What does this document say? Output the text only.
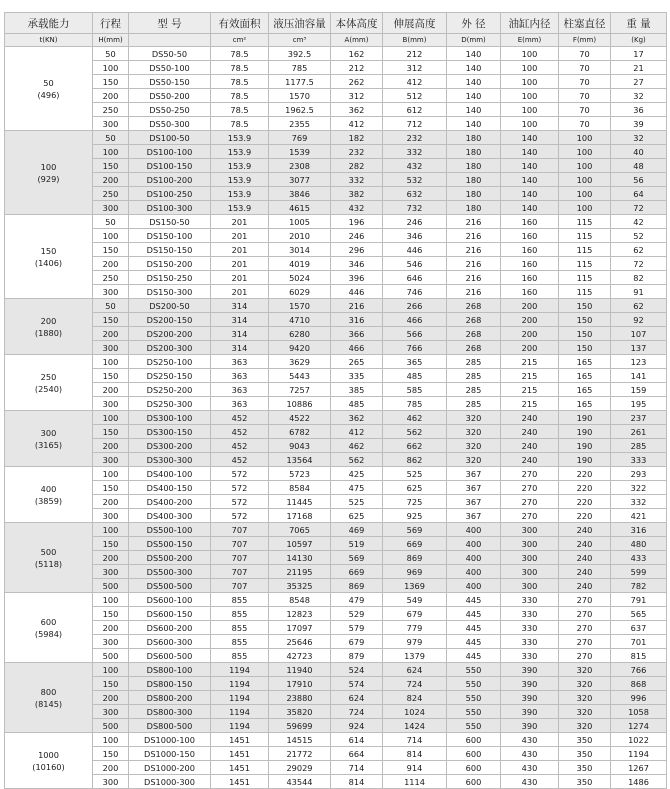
承载能力	行程	型 号	有效面积	液压油容量	本体高度	伸展高度	外 径	油缸内径	柱塞直径	重 量
t(KN)	H(mm)		cm²	cm³	A(mm)	B(mm)	D(mm)	E(mm)	F(mm)	(Kg)

50
(496)	50	DS50-50	78.5	392.5	162	212	140	100	70	17
	100	DS50-100	78.5	785	212	312	140	100	70	21
	150	DS50-150	78.5	1177.5	262	412	140	100	70	27
	200	DS50-200	78.5	1570	312	512	140	100	70	32
	250	DS50-250	78.5	1962.5	362	612	140	100	70	36
	300	DS50-300	78.5	2355	412	712	140	100	70	39

100
(929)	50	DS100-50	153.9	769	182	232	180	140	100	32
	100	DS100-100	153.9	1539	232	332	180	140	100	40
	150	DS100-150	153.9	2308	282	432	180	140	100	48
	200	DS100-200	153.9	3077	332	532	180	140	100	56
	250	DS100-250	153.9	3846	382	632	180	140	100	64
	300	DS100-300	153.9	4615	432	732	180	140	100	72

150
(1406)	50	DS150-50	201	1005	196	246	216	160	115	42
	100	DS150-100	201	2010	246	346	216	160	115	52
	150	DS150-150	201	3014	296	446	216	160	115	62
	200	DS150-200	201	4019	346	546	216	160	115	72
	250	DS150-250	201	5024	396	646	216	160	115	82
	300	DS150-300	201	6029	446	746	216	160	115	91

200
(1880)	50	DS200-50	314	1570	216	266	268	200	150	62
	150	DS200-150	314	4710	316	466	268	200	150	92
	200	DS200-200	314	6280	366	566	268	200	150	107
	300	DS200-300	314	9420	466	766	268	200	150	137

250
(2540)	100	DS250-100	363	3629	265	365	285	215	165	123
	150	DS250-150	363	5443	335	485	285	215	165	141
	200	DS250-200	363	7257	385	585	285	215	165	159
	300	DS250-300	363	10886	485	785	285	215	165	195

300
(3165)	100	DS300-100	452	4522	362	462	320	240	190	237
	150	DS300-150	452	6782	412	562	320	240	190	261
	200	DS300-200	452	9043	462	662	320	240	190	285
	300	DS300-300	452	13564	562	862	320	240	190	333

400
(3859)	100	DS400-100	572	5723	425	525	367	270	220	293
	150	DS400-150	572	8584	475	625	367	270	220	322
	200	DS400-200	572	11445	525	725	367	270	220	332
	300	DS400-300	572	17168	625	925	367	270	220	421

500
(5118)	100	DS500-100	707	7065	469	569	400	300	240	316
	150	DS500-150	707	10597	519	669	400	300	240	480
	200	DS500-200	707	14130	569	869	400	300	240	433
	300	DS500-300	707	21195	669	969	400	300	240	599
	500	DS500-500	707	35325	869	1369	400	300	240	782

600
(5984)	100	DS600-100	855	8548	479	549	445	330	270	791
	150	DS600-150	855	12823	529	679	445	330	270	565
	200	DS600-200	855	17097	579	779	445	330	270	637
	300	DS600-300	855	25646	679	979	445	330	270	701
	500	DS600-500	855	42723	879	1379	445	330	270	815

800
(8145)	100	DS800-100	1194	11940	524	624	550	390	320	766
	150	DS800-150	1194	17910	574	724	550	390	320	868
	200	DS800-200	1194	23880	624	824	550	390	320	996
	300	DS800-300	1194	35820	724	1024	550	390	320	1058
	500	DS800-500	1194	59699	924	1424	550	390	320	1274

1000
(10160)	100	DS1000-100	1451	14515	614	714	600	430	350	1022
	150	DS1000-150	1451	21772	664	814	600	430	350	1194
	200	DS1000-200	1451	29029	714	914	600	430	350	1267
	300	DS1000-300	1451	43544	814	1114	600	430	350	1486
